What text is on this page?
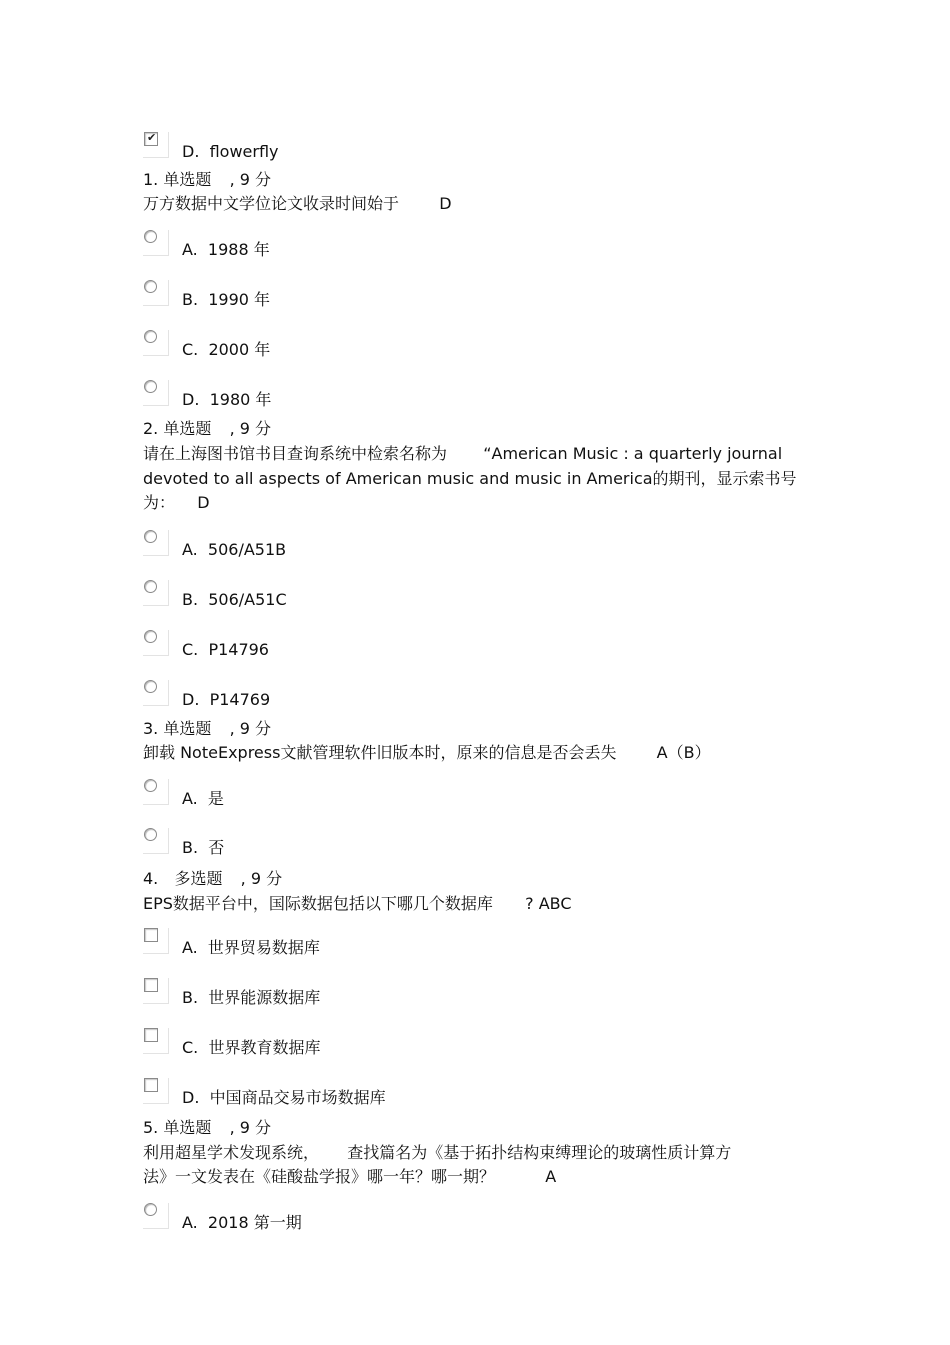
✔
D. flowerfly
1. 单选题 , 9 分
万方数据中文学位论文收录时间始于	D
A. 1988 年
B. 1990 年
C. 2000 年
D. 1980 年
2. 单选题 , 9 分
请在上海图书馆书目查询系统中检索名称为 “American Music : a quarterly journal
devoted to all aspects of American music and music in America的期刊，显示索书号
为： D
A. 506/A51B
B. 506/A51C
C. P14796
D. P14769
3. 单选题 , 9 分
卸载 NoteExpress文献管理软件旧版本时，原来的信息是否会丢失	A（B）
A. 是
B. 否
4. 多选题 , 9 分
EPS数据平台中，国际数据包括以下哪几个数据库 ? ABC
A. 世界贸易数据库
B. 世界能源数据库
C. 世界教育数据库
D. 中国商品交易市场数据库
5. 单选题 , 9 分
利用超星学术发现系统， 查找篇名为《基于拓扑结构束缚理论的玻璃性质计算方
法》一文发表在《硅酸盐学报》哪一年？哪一期？	A
A. 2018 第一期
